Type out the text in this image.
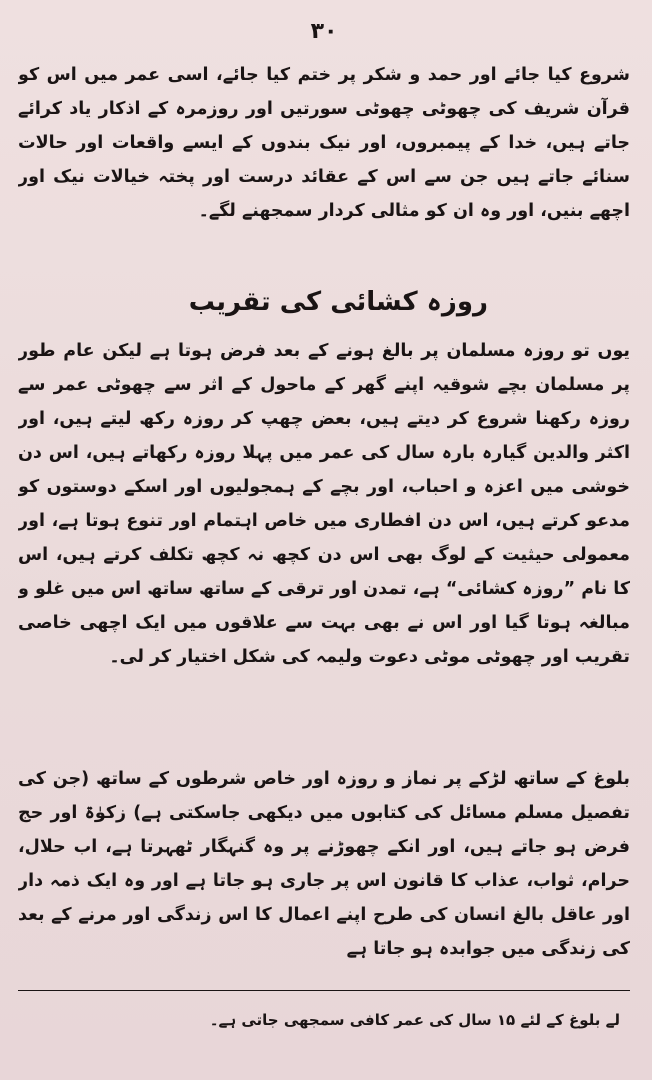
۳۰

شروع کیا جائے اور حمد و شکر پر ختم کیا جائے، اسی عمر میں اس کو قرآن شریف کی چھوٹی چھوٹی سورتیں اور روزمرہ کے اذکار یاد کرائے جاتے ہیں، خدا کے پیمبروں، اور نیک بندوں کے ایسے واقعات اور حالات سنائے جاتے ہیں جن سے اس کے عقائد درست اور پختہ خیالات نیک اور اچھے بنیں، اور وہ ان کو مثالی کردار سمجھنے لگے۔

روزہ کشائی کی تقریب

یوں تو روزہ مسلمان پر بالغ ہونے کے بعد فرض ہوتا ہے لیکن عام طور پر مسلمان بچے شوقیہ اپنے گھر کے ماحول کے اثر سے چھوٹی عمر سے روزہ رکھنا شروع کر دیتے ہیں، بعض چھپ کر روزہ رکھ لیتے ہیں، اور اکثر والدین گیارہ بارہ سال کی عمر میں پہلا روزہ رکھاتے ہیں، اس دن خوشی میں اعزہ و احباب، اور بچے کے ہمجولیوں اور اسکے دوستوں کو مدعو کرتے ہیں، اس دن افطاری میں خاص اہتمام اور تنوع ہوتا ہے، اور معمولی حیثیت کے لوگ بھی اس دن کچھ نہ کچھ تکلف کرتے ہیں، اس کا نام ”روزہ کشائی“ ہے، تمدن اور ترقی کے ساتھ ساتھ اس میں غلو و مبالغہ ہوتا گیا اور اس نے بھی بہت سے علاقوں میں ایک اچھی خاصی تقریب اور چھوٹی موٹی دعوت ولیمہ کی شکل اختیار کر لی۔

بلوغ کے ساتھ لڑکے پر نماز و روزہ اور خاص شرطوں کے ساتھ (جن کی تفصیل مسلم مسائل کی کتابوں میں دیکھی جاسکتی ہے) زکوٰۃ اور حج فرض ہو جاتے ہیں، اور انکے چھوڑنے پر وہ گنہگار ٹھہرتا ہے، اب حلال، حرام، ثواب، عذاب کا قانون اس پر جاری ہو جاتا ہے اور وہ ایک ذمہ دار اور عاقل بالغ انسان کی طرح اپنے اعمال کا اس زندگی اور مرنے کے بعد کی زندگی میں جوابدہ ہو جاتا ہے

لے بلوغ کے لئے ۱۵ سال کی عمر کافی سمجھی جاتی ہے۔
